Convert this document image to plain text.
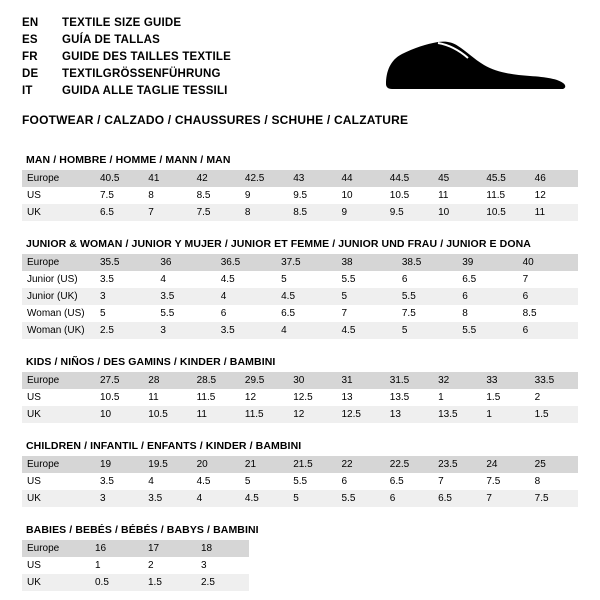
EN	TEXTILE SIZE GUIDE
ES	GUÍA DE TALLAS
FR	GUIDE DES TAILLES TEXTILE
DE	TEXTILGRÖSSENFÜHRUNG
IT	GUIDA ALLE TAGLIE TESSILI
FOOTWEAR / CALZADO / CHAUSSURES / SCHUHE / CALZATURE
MAN / HOMBRE / HOMME / MANN / MAN
Europe	40.5	41	42	42.5	43	44	44.5	45	45.5	46
US	7.5	8	8.5	9	9.5	10	10.5	11	11.5	12
UK	6.5	7	7.5	8	8.5	9	9.5	10	10.5	11
JUNIOR & WOMAN / JUNIOR Y MUJER / JUNIOR ET FEMME / JUNIOR UND FRAU / JUNIOR E DONA
Europe	35.5	36	36.5	37.5	38	38.5	39	40
Junior (US)	3.5	4	4.5	5	5.5	6	6.5	7
Junior (UK)	3	3.5	4	4.5	5	5.5	6	6
Woman (US)	5	5.5	6	6.5	7	7.5	8	8.5
Woman (UK)	2.5	3	3.5	4	4.5	5	5.5	6
KIDS / NIÑOS / DES GAMINS / KINDER / BAMBINI
Europe	27.5	28	28.5	29.5	30	31	31.5	32	33	33.5
US	10.5	11	11.5	12	12.5	13	13.5	1	1.5	2
UK	10	10.5	11	11.5	12	12.5	13	13.5	1	1.5
CHILDREN / INFANTIL / ENFANTS / KINDER / BAMBINI
Europe	19	19.5	20	21	21.5	22	22.5	23.5	24	25
US	3.5	4	4.5	5	5.5	6	6.5	7	7.5	8
UK	3	3.5	4	4.5	5	5.5	6	6.5	7	7.5
BABIES / BEBÉS / BÉBÉS / BABYS / BAMBINI
Europe	16	17	18	
US	1	2	3	
UK	0.5	1.5	2.5	
